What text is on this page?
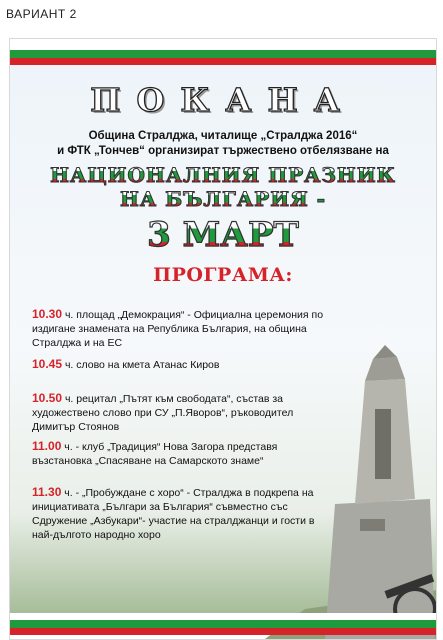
ВАРИАНТ 2
ПОКАНА
Община Стралджа, читалище „Стралджа 2016“
и ФТК „Тончев“ организират тържествено отбелязване на
НАЦИОНАЛНИЯ ПРАЗНИК
НА БЪЛГАРИЯ -
3 МАРТ
ПРОГРАМА:
10.30 ч. площад „Демокрация“ - Официална церемония по издигане знамената на Република България, на община Стралджа и на ЕС
10.45 ч. слово на кмета Атанас Киров
10.50 ч. рецитал „Пътят към свободата“, състав за художествено слово при СУ „П.Яворов“, ръководител Димитър Стоянов
11.00 ч. - клуб „Традиция“ Нова Загора представя възстановка „Спасяване на Самарското знаме“
11.30 ч. - „Пробуждане с хоро“ - Стралджа в подкрепа на инициативата „Българи за България“ съвместно със Сдружение „Азбукари“- участие на стралджанци и гости в най-дългото народно хоро
